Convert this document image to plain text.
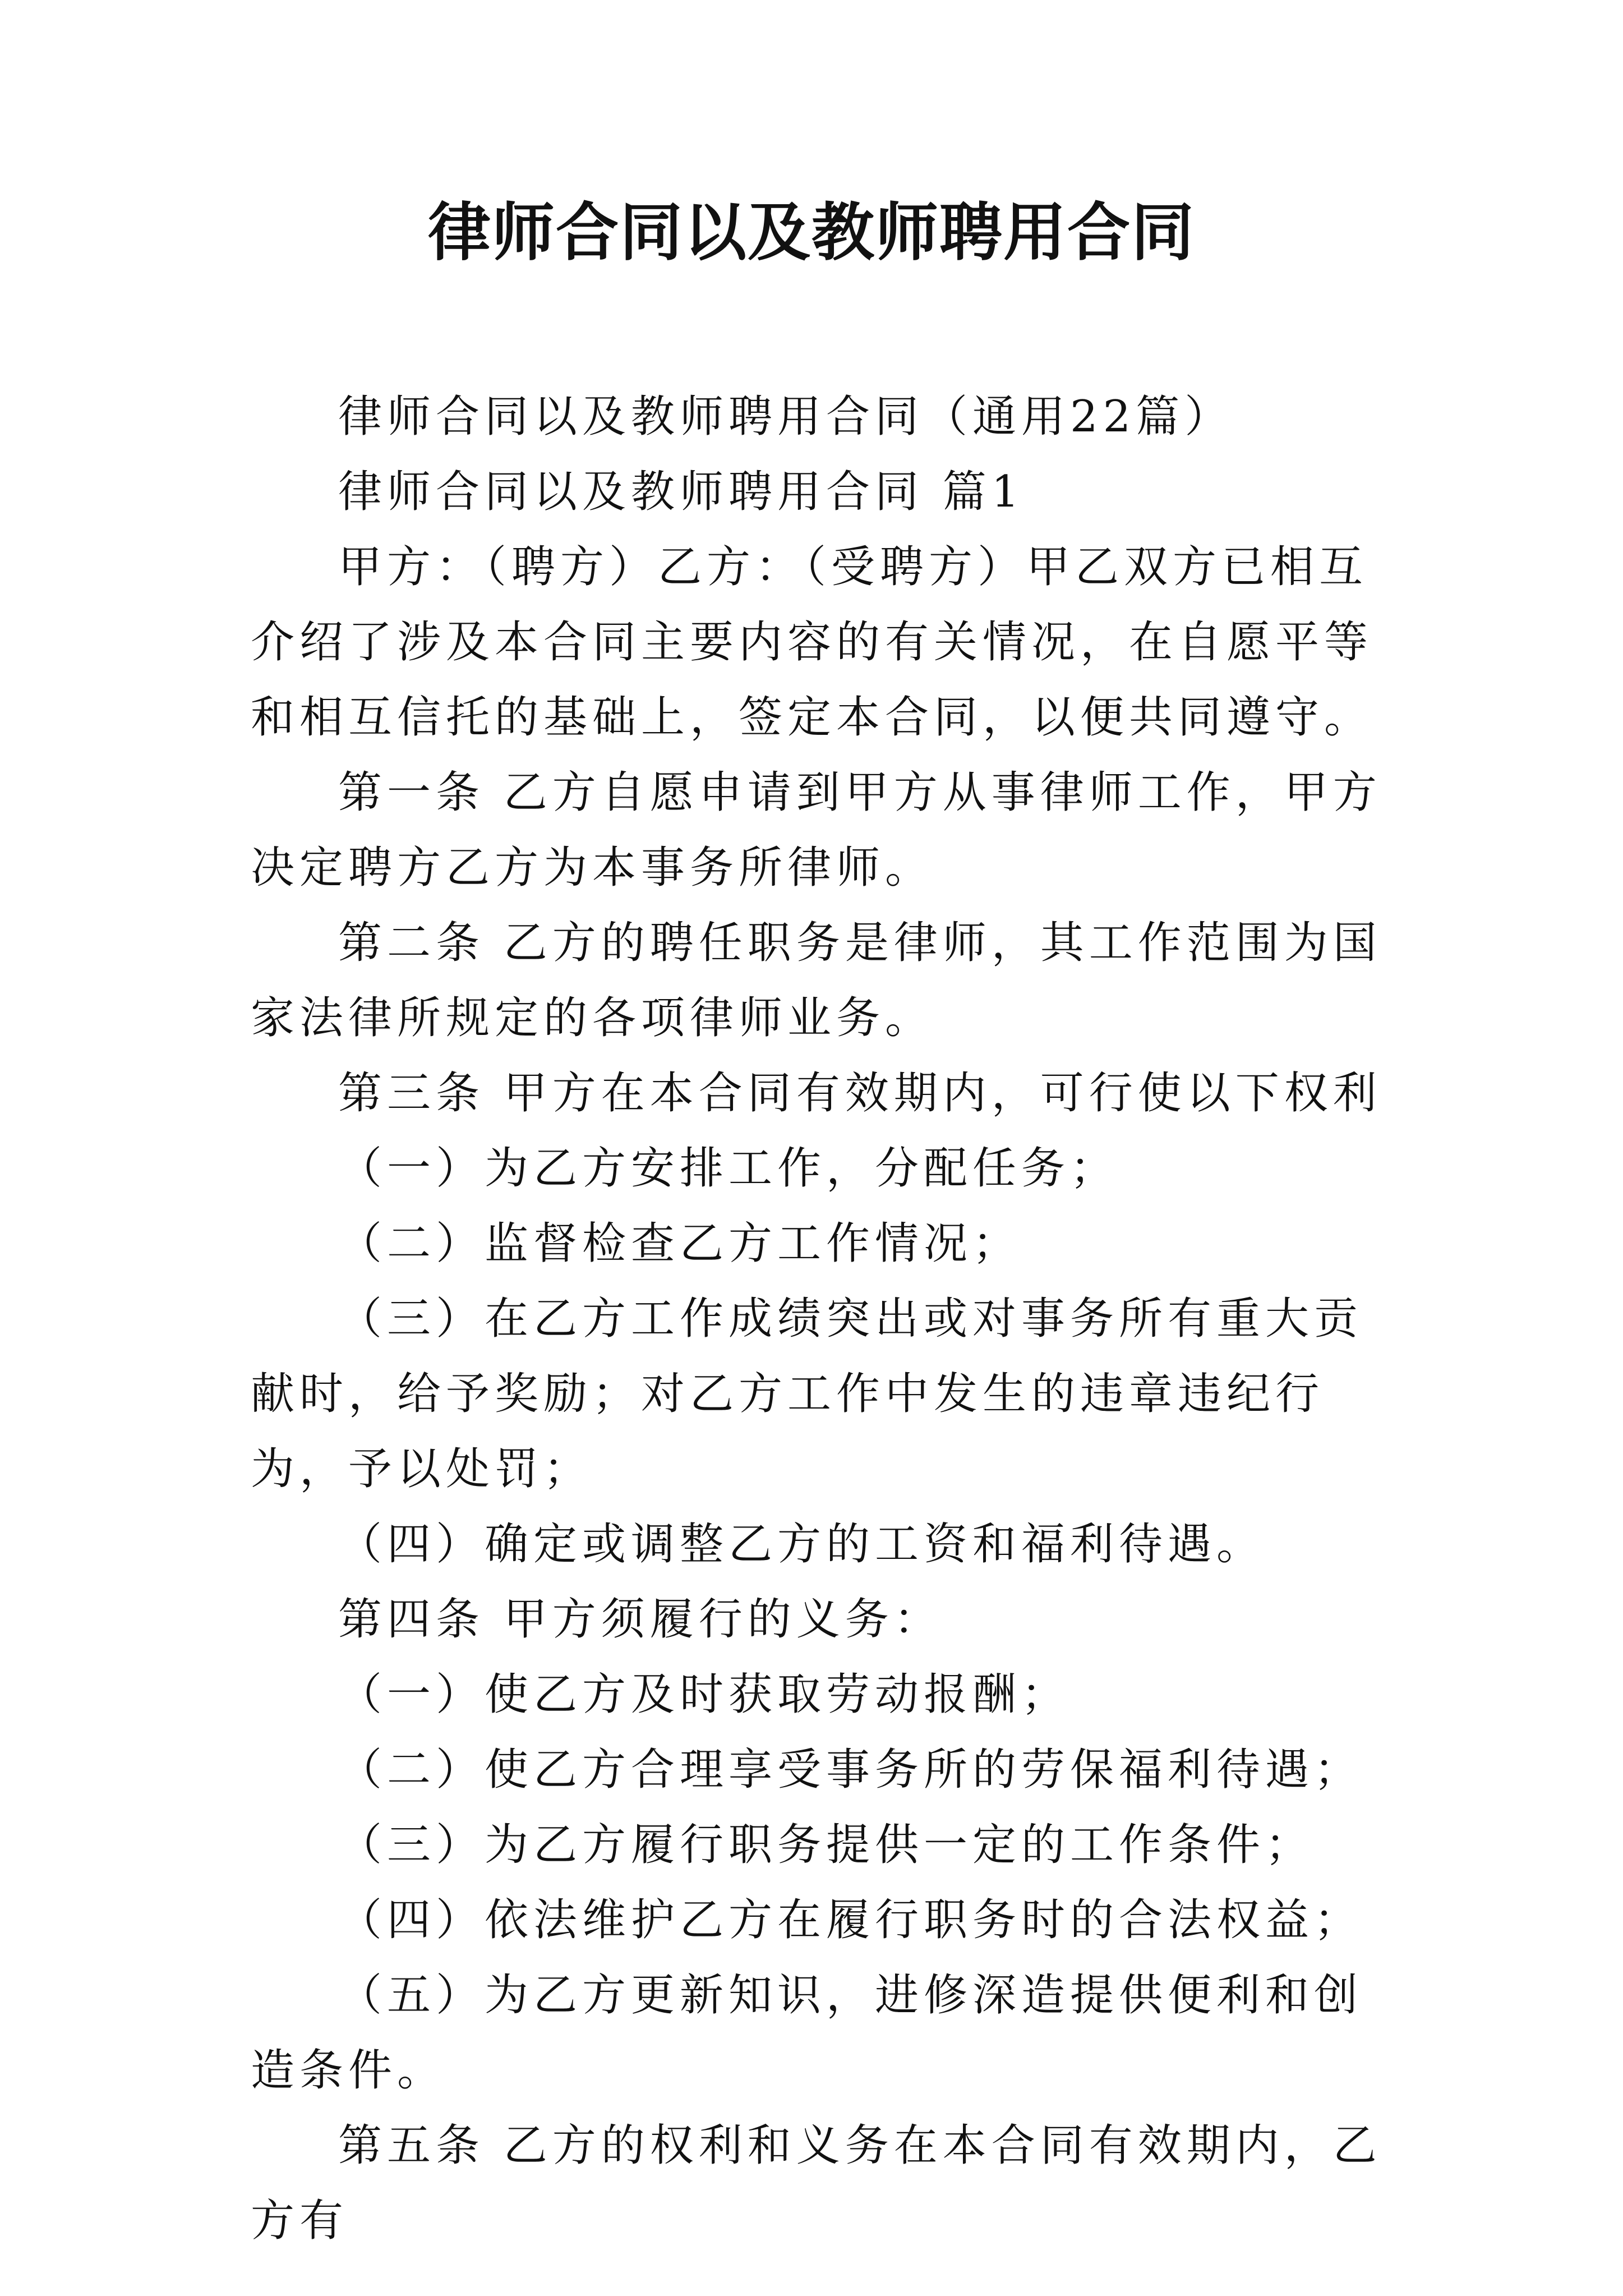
律师合同以及教师聘用合同

律师合同以及教师聘用合同（通用22篇）

律师合同以及教师聘用合同 篇1

甲方：（聘方）乙方：（受聘方）甲乙双方已相互介绍了涉及本合同主要内容的有关情况，在自愿平等和相互信托的基础上，签定本合同，以便共同遵守。

第一条 乙方自愿申请到甲方从事律师工作，甲方决定聘方乙方为本事务所律师。

第二条 乙方的聘任职务是律师，其工作范围为国家法律所规定的各项律师业务。

第三条 甲方在本合同有效期内，可行使以下权利

（一）为乙方安排工作，分配任务；

（二）监督检查乙方工作情况；

（三）在乙方工作成绩突出或对事务所有重大贡献时，给予奖励；对乙方工作中发生的违章违纪行为，予以处罚；

（四）确定或调整乙方的工资和福利待遇。

第四条 甲方须履行的义务：

（一）使乙方及时获取劳动报酬；

（二）使乙方合理享受事务所的劳保福利待遇；

（三）为乙方履行职务提供一定的工作条件；

（四）依法维护乙方在履行职务时的合法权益；

（五）为乙方更新知识，进修深造提供便利和创造条件。

第五条 乙方的权利和义务在本合同有效期内，乙方有
